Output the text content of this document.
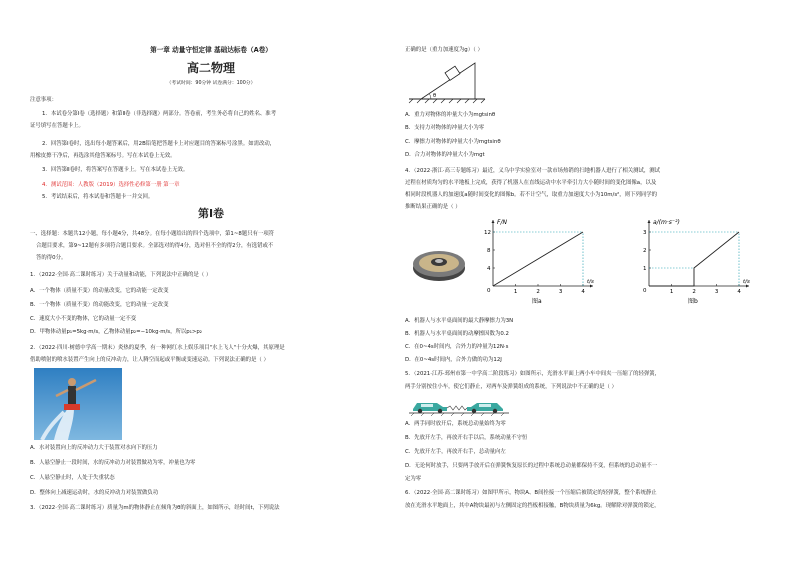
第一章 动量守恒定律 基础达标卷（A卷）
高二物理
（考试时间：90分钟 试卷满分：100分）
注意事项：
1．本试卷分第Ⅰ卷（选择题）和第Ⅱ卷（非选择题）两部分。答卷前，考生务必将自己的姓名、准考
证号填写在答题卡上。
2．回答第Ⅰ卷时，选出每小题答案后，用2B铅笔把答题卡上对应题目的答案标号涂黑。如需改动，
用橡皮擦干净后，再选涂其他答案标号。写在本试卷上无效。
3．回答第Ⅱ卷时，将答案写在答题卡上。写在本试卷上无效。
4．测试范围：人教版（2019）选择性必修第一册 第一章
5．考试结束后，将本试卷和答题卡一并交回。
第Ⅰ卷
一、选择题：本题共12小题，每小题4分，共48分。在每小题给出的四个选项中，第1~8题只有一项符
合题目要求，第9~12题有多项符合题目要求。全部选对的得4分，选对但不全的得2分，有选错或不
答的得0分。
1．（2022·全国·高二课时练习）关于动量和动能，下列说法中正确的是（ ）
A．一个物体（质量不变）的动量改变，它的动能一定改变
B．一个物体（质量不变）的动能改变，它的动量一定改变
C．速度大小不变的物体，它的动量一定不变
D．甲物体动量p₁=5kg·m/s，乙物体动量p₂=−10kg·m/s，所以p₁>p₂
2．（2022·四川·树德中学高一期末）炎热的夏季，有一种网红水上娱乐项目"水上飞人"十分火爆，其原理是
借助喷射的喷水装置产生向上的反冲动力，让人腾空而起或平衡或变速运动。下列说法正确的是（ ）
A．水对装置向上的反冲动力大于装置对水向下的压力
B．人悬空静止一段时间，水的反冲动力对装置做功为零，冲量也为零
C．人悬空静止时，人处于失重状态
D．整体向上减速运动时，水的反冲动力对装置做负功
3．（2022·全国·高二课时练习）质量为m的物体静止在倾角为θ的斜面上，如图所示，经时间t，下列说法
正确的是（重力加速度为g）（ ）
θ
A．重力对物体的冲量大小为mgtsinθ
B．支持力对物体的冲量大小为零
C．摩擦力对物体的冲量大小为mgtsinθ
D．合力对物体的冲量大小为mgt
4．（2022·浙江·高三专题练习）最近，义乌中学实验室对一款市场热销的扫地机器人进行了相关测试，测试
过程在材质均匀的水平地板上完成，获得了机器人在直线运动中水平牵引力大小随时间的变化图像a，以及
相同时段机器人的加速度a随时间变化的图像b。若不计空气，取重力加速度大小为10m/s²，则下列同学的
推断结果正确的是（ ）
F/N
t/s
0	1	2	3	4
4
8
12
图a
a/(m·s⁻²)
t/s
0	1	2	3	4
1
2
3
图b
A．机器人与水平桌面间的最大静摩擦力为3N
B．机器人与水平桌面间的动摩擦因数为0.2
C．在0~4s时间内，合外力的冲量为12N·s
D．在0~4s时间内，合外力做的功为12J
5．（2021·江苏·邳州市第一中学高二阶段练习）如图所示，光滑水平面上两小车中间夹一压缩了的轻弹簧，
两手分别按住小车，使它们静止，对两车及弹簧组成的系统，下列说法中不正确的是（ ）
A．两手同时放开后，系统总动量始终为零
B．先放开左手，再放开右手以后，系统动量不守恒
C．先放开左手，再放开右手，总动量向左
D．无论何时放手，只要两手放开后在弹簧恢复原长的过程中系统总动量都保持不变，但系统的总动量不一
定为零
6．（2022·全国·高二课时练习）如图甲所示，物块A、B间拴接一个压缩后被锁定的轻弹簧，整个系统静止
放在光滑水平地面上，其中A物块最初与左侧固定的挡板相接触，B物块质量为6kg。现解除对弹簧的锁定，
